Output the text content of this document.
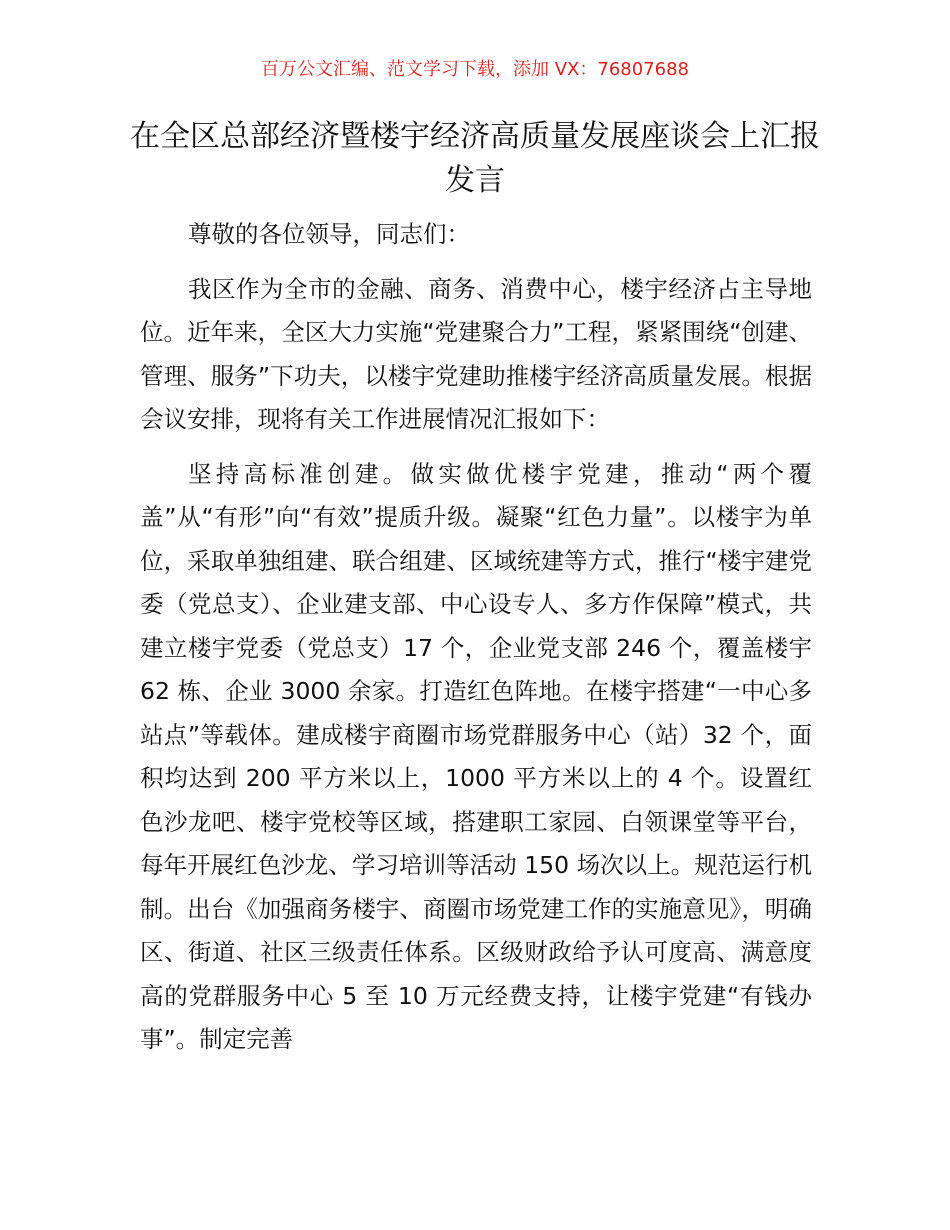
百万公文汇编、范文学习下载，添加 VX：76807688
在全区总部经济暨楼宇经济高质量发展座谈会上汇报发言

尊敬的各位领导，同志们：

我区作为全市的金融、商务、消费中心，楼宇经济占主导地位。近年来，全区大力实施“党建聚合力”工程，紧紧围绕“创建、管理、服务”下功夫，以楼宇党建助推楼宇经济高质量发展。根据会议安排，现将有关工作进展情况汇报如下：

坚持高标准创建。做实做优楼宇党建，推动“两个覆盖”从“有形”向“有效”提质升级。凝聚“红色力量”。以楼宇为单位，采取单独组建、联合组建、区域统建等方式，推行“楼宇建党委（党总支）、企业建支部、中心设专人、多方作保障”模式，共建立楼宇党委（党总支）17 个，企业党支部 246 个，覆盖楼宇 62 栋、企业 3000 余家。打造红色阵地。在楼宇搭建“一中心多站点”等载体。建成楼宇商圈市场党群服务中心（站）32 个，面积均达到 200 平方米以上，1000 平方米以上的 4 个。设置红色沙龙吧、楼宇党校等区域，搭建职工家园、白领课堂等平台，每年开展红色沙龙、学习培训等活动 150 场次以上。规范运行机制。出台《加强商务楼宇、商圈市场党建工作的实施意见》，明确区、街道、社区三级责任体系。区级财政给予认可度高、满意度高的党群服务中心 5 至 10 万元经费支持，让楼宇党建“有钱办事”。制定完善
